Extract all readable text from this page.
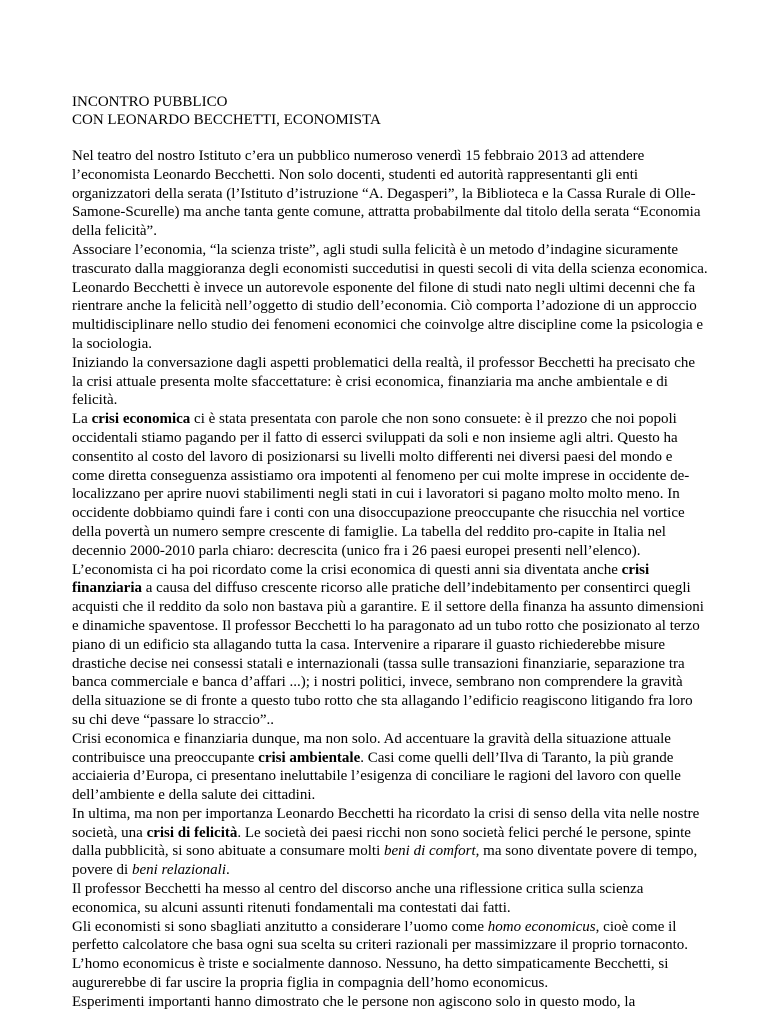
INCONTRO PUBBLICO
CON LEONARDO BECCHETTI, ECONOMISTA

Nel teatro del nostro Istituto c’era un pubblico numeroso venerdì 15 febbraio 2013 ad attendere l’economista Leonardo Becchetti. Non solo docenti, studenti ed autorità rappresentanti gli enti organizzatori della serata (l’Istituto d’istruzione “A. Degasperi”, la Biblioteca e la Cassa Rurale di Olle-Samone-Scurelle) ma anche tanta gente comune, attratta probabilmente dal titolo della serata “Economia della felicità”.

Associare l’economia, “la scienza triste”, agli studi sulla felicità è un metodo d’indagine sicuramente trascurato dalla maggioranza degli economisti succedutisi in questi secoli di vita della scienza economica.

Leonardo Becchetti è invece un autorevole esponente del filone di studi nato negli ultimi decenni che fa rientrare anche la felicità nell’oggetto di studio dell’economia. Ciò comporta l’adozione di un approccio multidisciplinare nello studio dei fenomeni economici che coinvolge altre discipline come la psicologia e la sociologia.

Iniziando la conversazione dagli aspetti problematici della realtà, il professor Becchetti ha precisato che la crisi attuale presenta molte sfaccettature: è crisi economica, finanziaria ma anche ambientale e di felicità.

La crisi economica ci è stata presentata con parole che non sono consuete: è il prezzo che noi popoli occidentali stiamo pagando per il fatto di esserci sviluppati da soli e non insieme agli altri. Questo ha consentito al costo del lavoro di posizionarsi su livelli molto differenti nei diversi paesi del mondo e come diretta conseguenza assistiamo ora impotenti al fenomeno per cui molte imprese in occidente de-localizzano per aprire nuovi stabilimenti negli stati in cui i lavoratori si pagano molto molto meno. In occidente dobbiamo quindi fare i conti con una disoccupazione preoccupante che risucchia nel vortice della povertà un numero sempre crescente di famiglie. La tabella del reddito pro-capite in Italia nel decennio 2000-2010 parla chiaro: decrescita (unico fra i 26 paesi europei presenti nell’elenco).

L’economista ci ha poi ricordato come la crisi economica di questi anni sia diventata anche crisi finanziaria a causa del diffuso crescente ricorso alle pratiche dell’indebitamento per consentirci quegli acquisti che il reddito da solo non bastava più a garantire. E il settore della finanza ha assunto dimensioni e dinamiche spaventose. Il professor Becchetti lo ha paragonato ad un tubo rotto che posizionato al terzo piano di un edificio sta allagando tutta la casa. Intervenire a riparare il guasto richiederebbe misure drastiche decise nei consessi statali e internazionali (tassa sulle transazioni finanziarie, separazione tra banca commerciale e banca d’affari ...); i nostri politici, invece, sembrano non comprendere la gravità della situazione se di fronte a questo tubo rotto che sta allagando l’edificio reagiscono litigando fra loro su chi deve “passare lo straccio”..

Crisi economica e finanziaria dunque, ma non solo. Ad accentuare la gravità della situazione attuale contribuisce una preoccupante crisi ambientale. Casi come quelli dell’Ilva di Taranto, la più grande acciaieria d’Europa, ci presentano ineluttabile l’esigenza di conciliare le ragioni del lavoro con quelle dell’ambiente e della salute dei cittadini.

In ultima, ma non per importanza Leonardo Becchetti ha ricordato la crisi di senso della vita nelle nostre società, una crisi di felicità. Le società dei paesi ricchi non sono società felici perché le persone, spinte dalla pubblicità, si sono abituate a consumare molti beni di comfort, ma sono diventate povere di tempo, povere di beni relazionali.

Il professor Becchetti ha messo al centro del discorso anche una riflessione critica sulla scienza economica, su alcuni assunti ritenuti fondamentali ma contestati dai fatti.

Gli economisti si sono sbagliati anzitutto a considerare l’uomo come homo economicus, cioè come il perfetto calcolatore che basa ogni sua scelta su criteri razionali per massimizzare il proprio tornaconto. L’homo economicus è triste e socialmente dannoso. Nessuno, ha detto simpaticamente Becchetti, si augurerebbe di far uscire la propria figlia in compagnia dell’homo economicus.

Esperimenti importanti hanno dimostrato che le persone non agiscono solo in questo modo, la
